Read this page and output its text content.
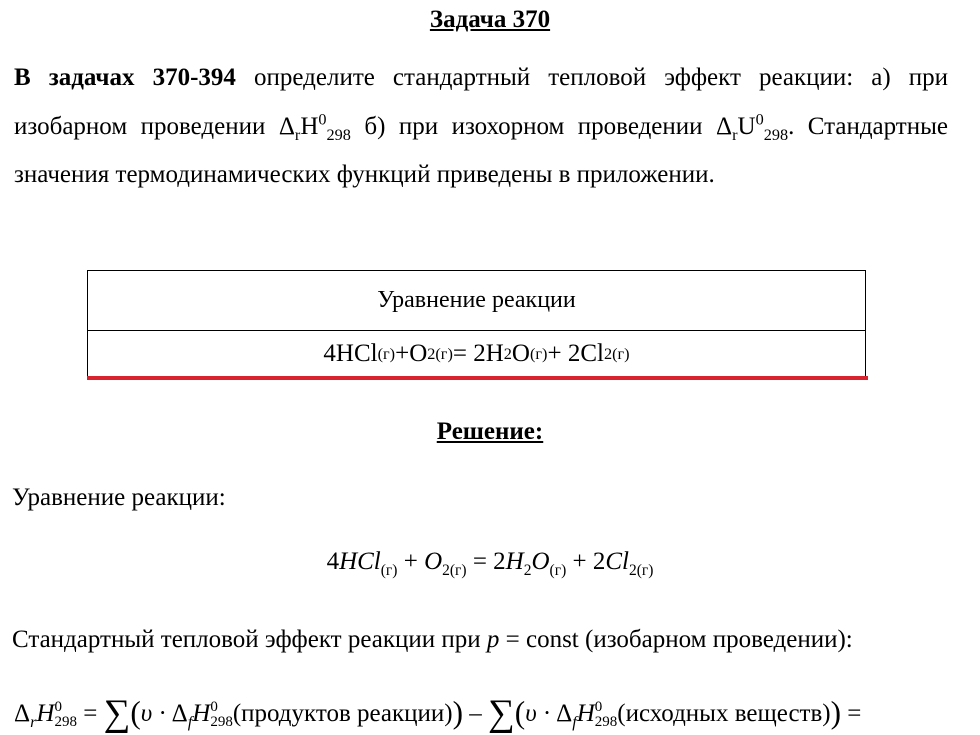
Задача 370
В задачах 370-394 определите стандартный тепловой эффект реакции: а) при изобарном проведении $\Delta_rH^0_{298}$ б) при изохорном проведении $\Delta_rU^0_{298}$. Стандартные значения термодинамических функций приведены в приложении.
Уравнение реакции
4HCl (г) +O 2(г) = 2H 2 O (г) + 2Cl 2(г)
Решение:
Уравнение реакции:
$4HCl_{(г)} + O_{2(г)} = 2H_2O_{(г)} + 2Cl_{2(г)}$
Стандартный тепловой эффект реакции при p = const (изобарном проведении):
$\Delta_rH$ 0
$298 = \sum(\upsilon \cdot \Delta_fH$ 0
298 (продуктов реакции)) – $\sum(\upsilon \cdot \Delta_fH$ 0
298 (исходных веществ)) =
